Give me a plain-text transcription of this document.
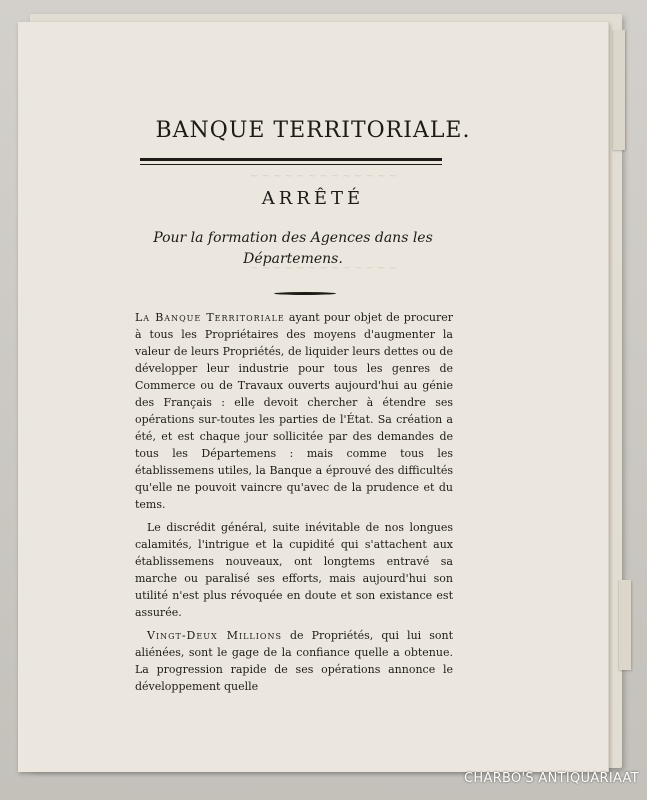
~ ~ ~ ~ ~ ~ ~ ~ ~ ~ ~ ~ ~
~ ~ ~ ~ ~ ~ ~ ~ ~ ~ ~ ~ ~
BANQUE TERRITORIALE.
ARRÊTÉ
Pour la formation des Agences dans les Départemens.

La Banque Territoriale ayant pour objet de procurer à tous les Propriétaires des moyens d'augmenter la valeur de leurs Propriétés, de liquider leurs dettes ou de développer leur industrie pour tous les genres de Commerce ou de Travaux ouverts aujourd'hui au génie des Français : elle devoit chercher à étendre ses opérations sur-toutes les parties de l'État. Sa création a été, et est chaque jour sollicitée par des demandes de tous les Départemens : mais comme tous les établissemens utiles, la Banque a éprouvé des difficultés qu'elle ne pouvoit vaincre qu'avec de la prudence et du tems.

Le discrédit général, suite inévitable de nos longues calamités, l'intrigue et la cupidité qui s'attachent aux établissemens nouveaux, ont longtems entravé sa marche ou paralisé ses efforts, mais aujourd'hui son utilité n'est plus révoquée en doute et son existance est assurée.

Vingt-Deux Millions de Propriétés, qui lui sont aliénées, sont le gage de la confiance quelle a obtenue. La progression rapide de ses opérations annonce le développement quelle

CHARBO'S ANTIQUARIAAT
